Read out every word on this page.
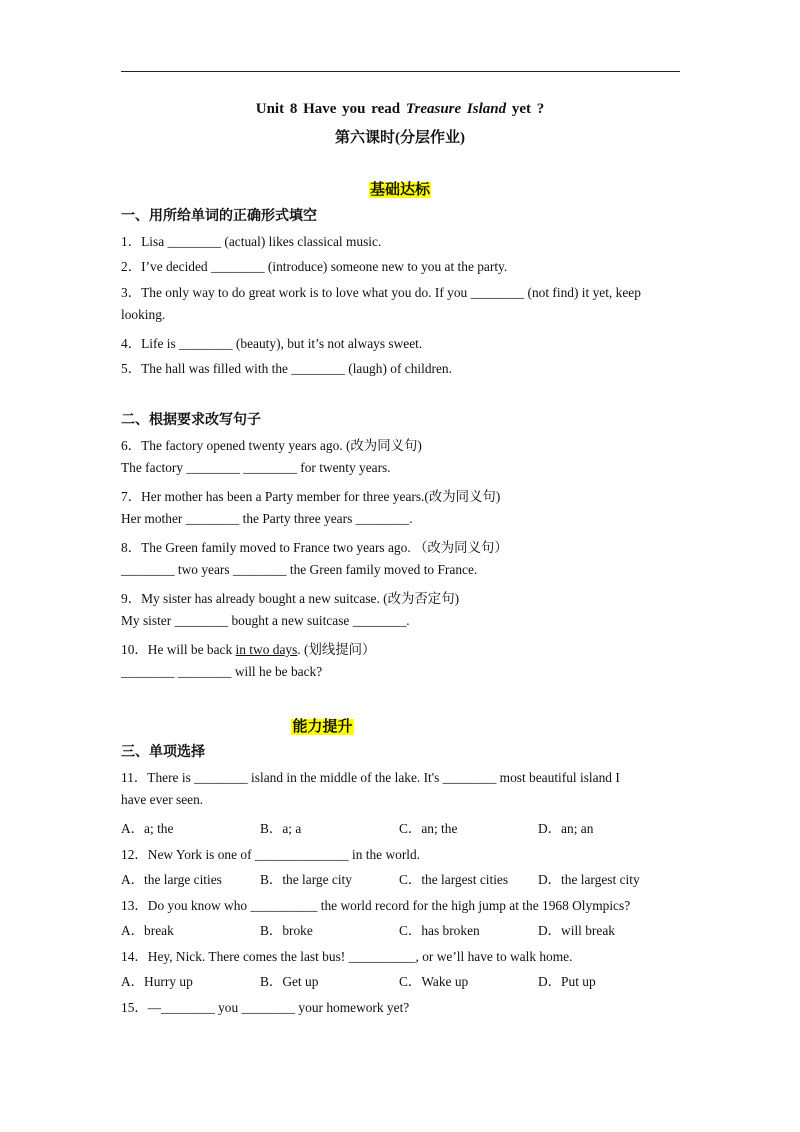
Unit 8 Have you read Treasure Island yet ?
第六课时(分层作业)
基础达标
一、用所给单词的正确形式填空
1．Lisa ________ (actual) likes classical music.
2．I’ve decided ________ (introduce) someone new to you at the party.
3．The only way to do great work is to love what you do. If you ________ (not find) it yet, keep
looking.
4．Life is ________ (beauty), but it’s not always sweet.
5．The hall was filled with the ________ (laugh) of children.
二、根据要求改写句子
6．The factory opened twenty years ago. (改为同义句)
The factory ________ ________ for twenty years.
7．Her mother has been a Party member for three years.(改为同义句)
Her mother ________ the Party three years ________.
8．The Green family moved to France two years ago. （改为同义句）
________ two years ________ the Green family moved to France.
9．My sister has already bought a new suitcase. (改为否定句)
My sister ________ bought a new suitcase ________.
10．He will be back in two days. (划线提问）
________ ________ will he be back?
能力提升
三、单项选择
11．There is ________ island in the middle of the lake. It's ________ most beautiful island I
have ever seen.
A．a; the	B．a; a	C．an; the	D．an; an
12．New York is one of ______________ in the world.
A．the large cities	B．the large city	C．the largest cities D．the largest city
13．Do you know who __________ the world record for the high jump at the 1968 Olympics?
A．break	B．broke	C．has broken	D．will break
14．Hey, Nick. There comes the last bus! __________, or we’ll have to walk home.
A．Hurry up	B．Get up	C．Wake up	D．Put up
15．—________ you ________ your homework yet?
